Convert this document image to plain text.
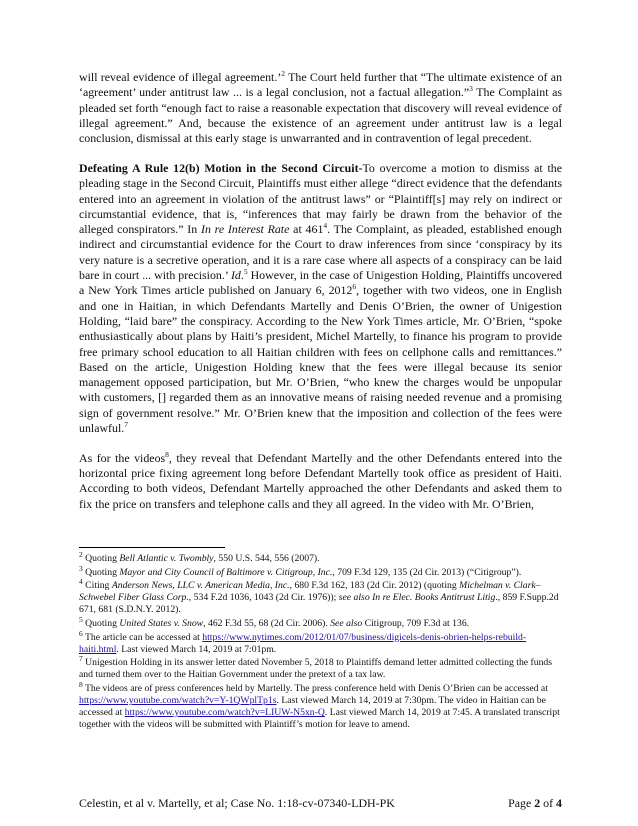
will reveal evidence of illegal agreement.’$^2$ The Court held further that “The ultimate existence of an ‘agreement’ under antitrust law ... is a legal conclusion, not a factual allegation.”$^3$ The Complaint as pleaded set forth “enough fact to raise a reasonable expectation that discovery will reveal evidence of illegal agreement.” And, because the existence of an agreement under antitrust law is a legal conclusion, dismissal at this early stage is unwarranted and in contravention of legal precedent.

Defeating A Rule 12(b) Motion in the Second Circuit-To overcome a motion to dismiss at the pleading stage in the Second Circuit, Plaintiffs must either allege “direct evidence that the defendants entered into an agreement in violation of the antitrust laws” or “Plaintiff[s] may rely on indirect or circumstantial evidence, that is, “inferences that may fairly be drawn from the behavior of the alleged conspirators.” In In re Interest Rate at $461^4$. The Complaint, as pleaded, established enough indirect and circumstantial evidence for the Court to draw inferences from since ‘conspiracy by its very nature is a secretive operation, and it is a rare case where all aspects of a conspiracy can be laid bare in court ... with precision.’ Id.$^5$ However, in the case of Unigestion Holding, Plaintiffs uncovered a New York Times article published on January 6, 2012$^6$, together with two videos, one in English and one in Haitian, in which Defendants Martelly and Denis O’Brien, the owner of Unigestion Holding, “laid bare” the conspiracy. According to the New York Times article, Mr. O’Brien, “spoke enthusiastically about plans by Haiti’s president, Michel Martelly, to finance his program to provide free primary school education to all Haitian children with fees on cellphone calls and remittances.” Based on the article, Unigestion Holding knew that the fees were illegal because its senior management opposed participation, but Mr. O’Brien, “who knew the charges would be unpopular with customers, [] regarded them as an innovative means of raising needed revenue and a promising sign of government resolve.” Mr. O’Brien knew that the imposition and collection of the fees were unlawful.$^7$

As for the videos$^8$, they reveal that Defendant Martelly and the other Defendants entered into the horizontal price fixing agreement long before Defendant Martelly took office as president of Haiti. According to both videos, Defendant Martelly approached the other Defendants and asked them to fix the price on transfers and telephone calls and they all agreed. In the video with Mr. O’Brien,

$^2$ Quoting Bell Atlantic v. Twombly, 550 U.S. 544, 556 (2007).

$^3$ Quoting Mayor and City Council of Baltimore v. Citigroup, Inc., 709 F.3d 129, 135 (2d Cir. 2013) (“Citigroup”).

$^4$ Citing Anderson News, LLC v. American Media, Inc., 680 F.3d 162, 183 (2d Cir. 2012) (quoting Michelman v. Clark–Schwebel Fiber Glass Corp., 534 F.2d 1036, 1043 (2d Cir. 1976)); see also In re Elec. Books Antitrust Litig., 859 F.Supp.2d 671, 681 (S.D.N.Y. 2012).

$^5$ Quoting United States v. Snow, 462 F.3d 55, 68 (2d Cir. 2006). See also Citigroup, 709 F.3d at 136.

$^6$ The article can be accessed at https://www.nytimes.com/2012/01/07/business/digicels-denis-obrien-helps-rebuild-haiti.html. Last viewed March 14, 2019 at 7:01pm.

$^7$ Unigestion Holding in its answer letter dated November 5, 2018 to Plaintiffs demand letter admitted collecting the funds and turned them over to the Haitian Government under the pretext of a tax law.

$^8$ The videos are of press conferences held by Martelly. The press conference held with Denis O’Brien can be accessed at https://www.youtube.com/watch?v=Y-1QWplTp1s. Last viewed March 14, 2019 at 7:30pm. The video in Haitian can be accessed at https://www.youtube.com/watch?v=LIUW-N5xn-Q. Last viewed March 14, 2019 at 7:45. A translated transcript together with the videos will be submitted with Plaintiff’s motion for leave to amend.

Celestin, et al v. Martelly, et al; Case No. 1:18-cv-07340-LDH-PK	Page 2 of 4
